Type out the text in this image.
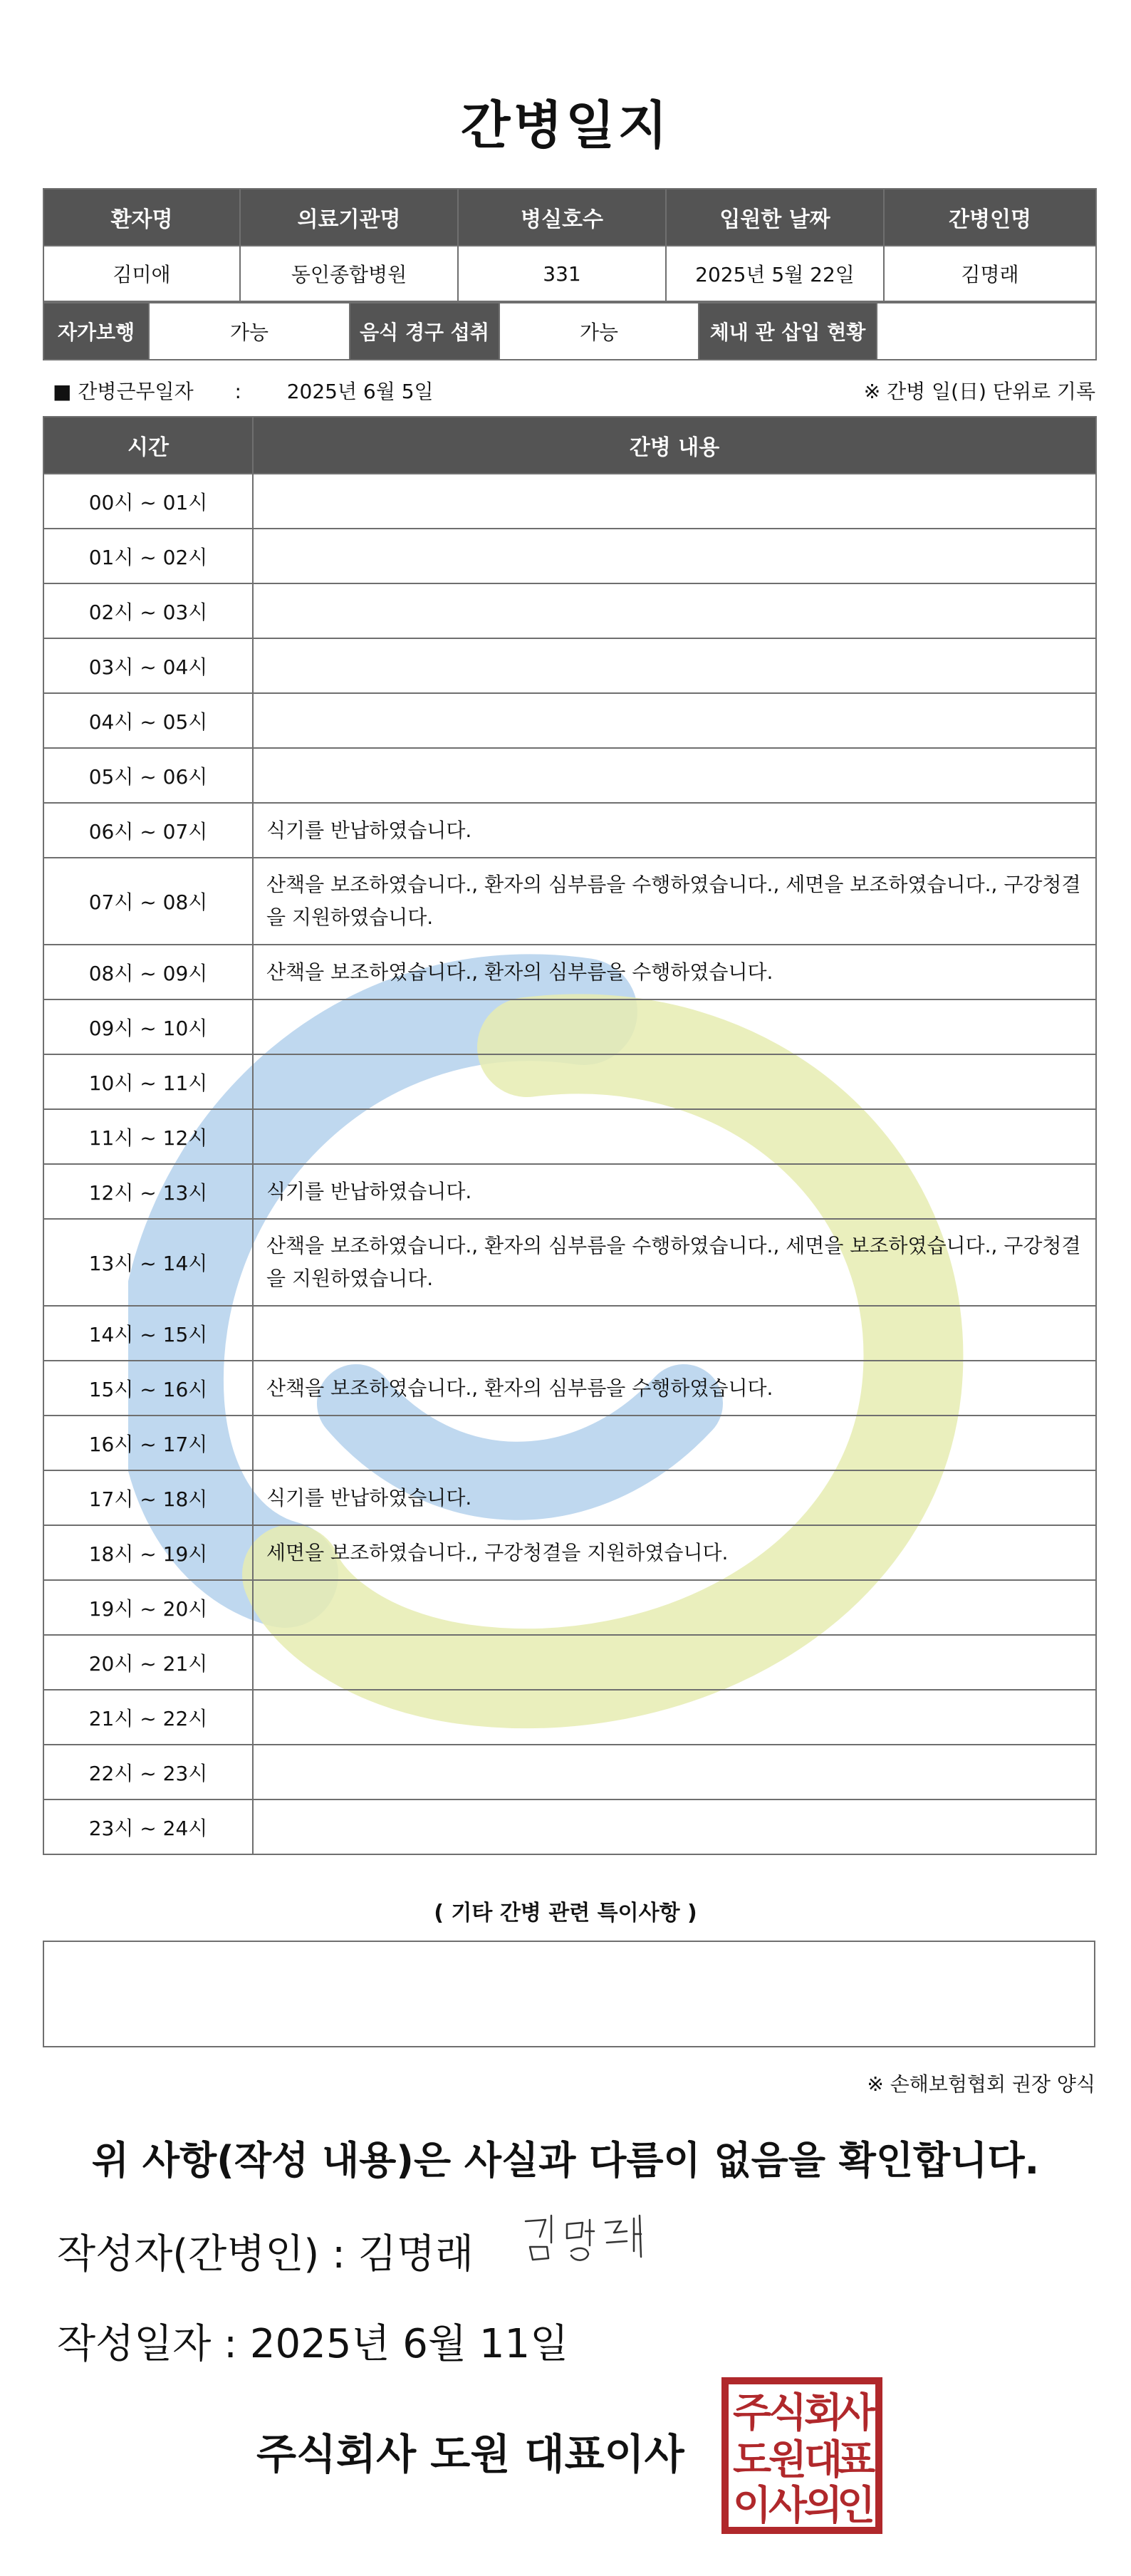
간병일지
환자명	의료기관명	병실호수	입원한 날짜	간병인명
김미애	동인종합병원	331	2025년 5월 22일	김명래
자가보행	가능	음식 경구 섭취	가능	체내 관 삽입 현황	
■ 간병근무일자 : 2025년 6월 5일	※ 간병 일(日) 단위로 기록
시간	간병 내용
00시 ~ 01시	
01시 ~ 02시	
02시 ~ 03시	
03시 ~ 04시	
04시 ~ 05시	
05시 ~ 06시	
06시 ~ 07시	식기를 반납하였습니다.
07시 ~ 08시	산책을 보조하였습니다., 환자의 심부름을 수행하였습니다., 세면을 보조하였습니다., 구강청결을 지원하였습니다.
08시 ~ 09시	산책을 보조하였습니다., 환자의 심부름을 수행하였습니다.
09시 ~ 10시	
10시 ~ 11시	
11시 ~ 12시	
12시 ~ 13시	식기를 반납하였습니다.
13시 ~ 14시	산책을 보조하였습니다., 환자의 심부름을 수행하였습니다., 세면을 보조하였습니다., 구강청결을 지원하였습니다.
14시 ~ 15시	
15시 ~ 16시	산책을 보조하였습니다., 환자의 심부름을 수행하였습니다.
16시 ~ 17시	
17시 ~ 18시	식기를 반납하였습니다.
18시 ~ 19시	세면을 보조하였습니다., 구강청결을 지원하였습니다.
19시 ~ 20시	
20시 ~ 21시	
21시 ~ 22시	
22시 ~ 23시	
23시 ~ 24시	
( 기타 간병 관련 특이사항 )
※ 손해보험협회 권장 양식
위 사항(작성 내용)은 사실과 다름이 없음을 확인합니다.
작성자(간병인) : 김명래
작성일자 : 2025년 6월 11일
주식회사 도원 대표이사
주
식
회
사
도
원
대
표
이
사
의
인
